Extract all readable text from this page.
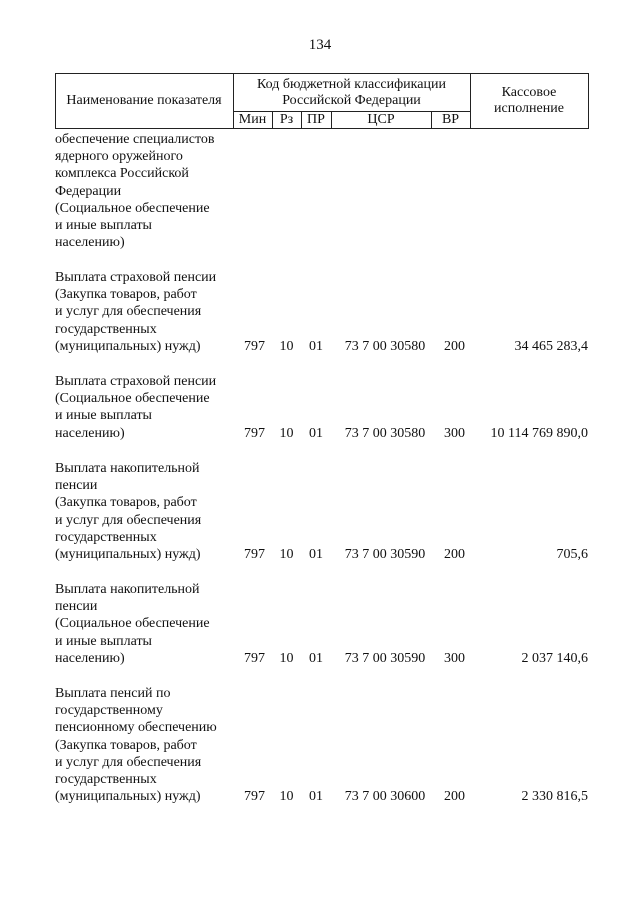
134
Наименование показателя
Код бюджетной классификации Российской Федерации
Мин Рз ПР	ЦСР	ВР
Кассовое исполнение
обеспечение специалистов
ядерного оружейного
комплекса Российской
Федерации
(Социальное обеспечение
и иные выплаты
населению)
Выплата страховой пенсии
(Закупка товаров, работ
и услуг для обеспечения
государственных
(муниципальных) нужд)	797	10	01	73 7 00 30580	200	34 465 283,4
Выплата страховой пенсии
(Социальное обеспечение
и иные выплаты
населению)	797	10	01	73 7 00 30580	300	10 114 769 890,0
Выплата накопительной
пенсии
(Закупка товаров, работ
и услуг для обеспечения
государственных
(муниципальных) нужд)	797	10	01	73 7 00 30590	200	705,6
Выплата накопительной
пенсии
(Социальное обеспечение
и иные выплаты
населению)	797	10	01	73 7 00 30590	300	2 037 140,6
Выплата пенсий по
государственному
пенсионному обеспечению
(Закупка товаров, работ
и услуг для обеспечения
государственных
(муниципальных) нужд)	797	10	01	73 7 00 30600	200	2 330 816,5
